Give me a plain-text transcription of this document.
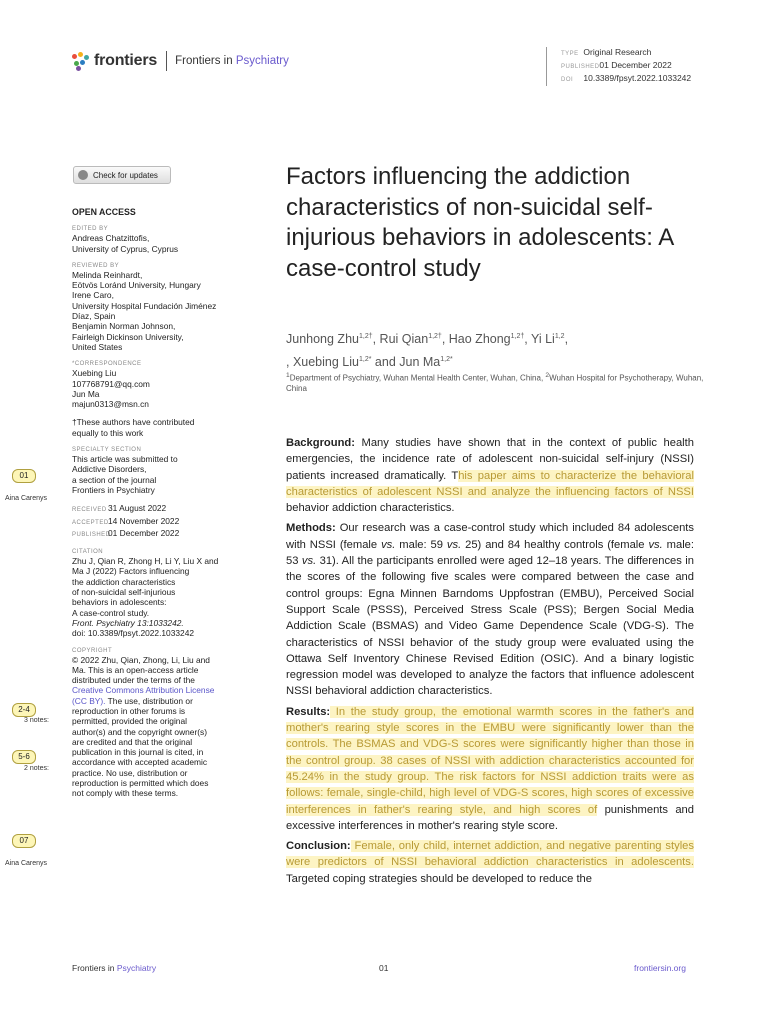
frontiers Frontiers in Psychiatry
TYPE Original Research
PUBLISHED 01 December 2022
DOI 10.3389/fpsyt.2022.1033242
Check for updates
OPEN ACCESS
EDITED BY
Andreas Chatzittofis,
University of Cyprus, Cyprus
REVIEWED BY
Melinda Reinhardt,
Eötvös Loránd University, Hungary
Irene Caro,
University Hospital Fundación Jiménez
Díaz, Spain
Benjamin Norman Johnson,
Fairleigh Dickinson University,
United States
*CORRESPONDENCE
Xuebing Liu
107768791@qq.com
Jun Ma
majun0313@msn.cn
†These authors have contributed
equally to this work
SPECIALTY SECTION
This article was submitted to
Addictive Disorders,
a section of the journal
Frontiers in Psychiatry
RECEIVED31 August 2022
ACCEPTED14 November 2022
PUBLISHED01 December 2022
CITATION
Zhu J, Qian R, Zhong H, Li Y, Liu X and
Ma J (2022) Factors influencing
the addiction characteristics
of non-suicidal self-injurious
behaviors in adolescents:
A case-control study.
Front. Psychiatry 13:1033242.
doi: 10.3389/fpsyt.2022.1033242
COPYRIGHT
© 2022 Zhu, Qian, Zhong, Li, Liu and
Ma. This is an open-access article
distributed under the terms of the
Creative Commons Attribution License
(CC BY). The use, distribution or
reproduction in other forums is
permitted, provided the original
author(s) and the copyright owner(s)
are credited and that the original
publication in this journal is cited, in
accordance with accepted academic
practice. No use, distribution or
reproduction is permitted which does
not comply with these terms.
Factors influencing the addiction characteristics of non-suicidal self-injurious behaviors in adolescents: A case-control study
Junhong Zhu$^{1,2\dagger}$, Rui Qian$^{1,2\dagger}$, Hao Zhong$^{1,2\dagger}$, Yi Li$^{1,2}$,
, Xuebing Liu$^{1,2*}$ and Jun $Ma^{1,2*}$
$^1$Department of Psychiatry, Wuhan Mental Health Center, Wuhan, China, $^2$Wuhan Hospital for Psychotherapy, Wuhan, China

Background: Many studies have shown that in the context of public health emergencies, the incidence rate of adolescent non-suicidal self-injury (NSSI) patients increased dramatically. This paper aims to characterize the behavioral characteristics of adolescent NSSI and analyze the influencing factors of NSSI behavior addiction characteristics.

Methods: Our research was a case-control study which included 84 adolescents with NSSI (female vs. male: 59 vs. 25) and 84 healthy controls (female vs. male: 53 vs. 31). All the participants enrolled were aged 12–18 years. The differences in the scores of the following five scales were compared between the case and control groups: Egna Minnen Barndoms Uppfostran (EMBU), Perceived Social Support Scale (PSSS), Perceived Stress Scale (PSS); Bergen Social Media Addiction Scale (BSMAS) and Video Game Dependence Scale (VDG-S). The characteristics of NSSI behavior of the study group were evaluated using the Ottawa Self Inventory Chinese Revised Edition (OSIC). And a binary logistic regression model was developed to analyze the factors that influence adolescent NSSI behavioral addiction characteristics.

Results: In the study group, the emotional warmth scores in the father's and mother's rearing style scores in the EMBU were significantly lower than the controls. The BSMAS and VDG-S scores were significantly higher than those in the control group. 38 cases of NSSI with addiction characteristics accounted for 45.24% in the study group. The risk factors for NSSI addiction traits were as follows: female, single-child, high level of VDG-S scores, high scores of excessive interferences in father's rearing style, and high scores of punishments and excessive interferences in mother's rearing style score.

Conclusion: Female, only child, internet addiction, and negative parenting styles were predictors of NSSI behavioral addiction characteristics in adolescents. Targeted coping strategies should be developed to reduce the

01
Aina Carenys
2-4
3 notes:
5-6
2 notes:
07
Aina Carenys
Frontiers in Psychiatry	01	frontiersin.org
